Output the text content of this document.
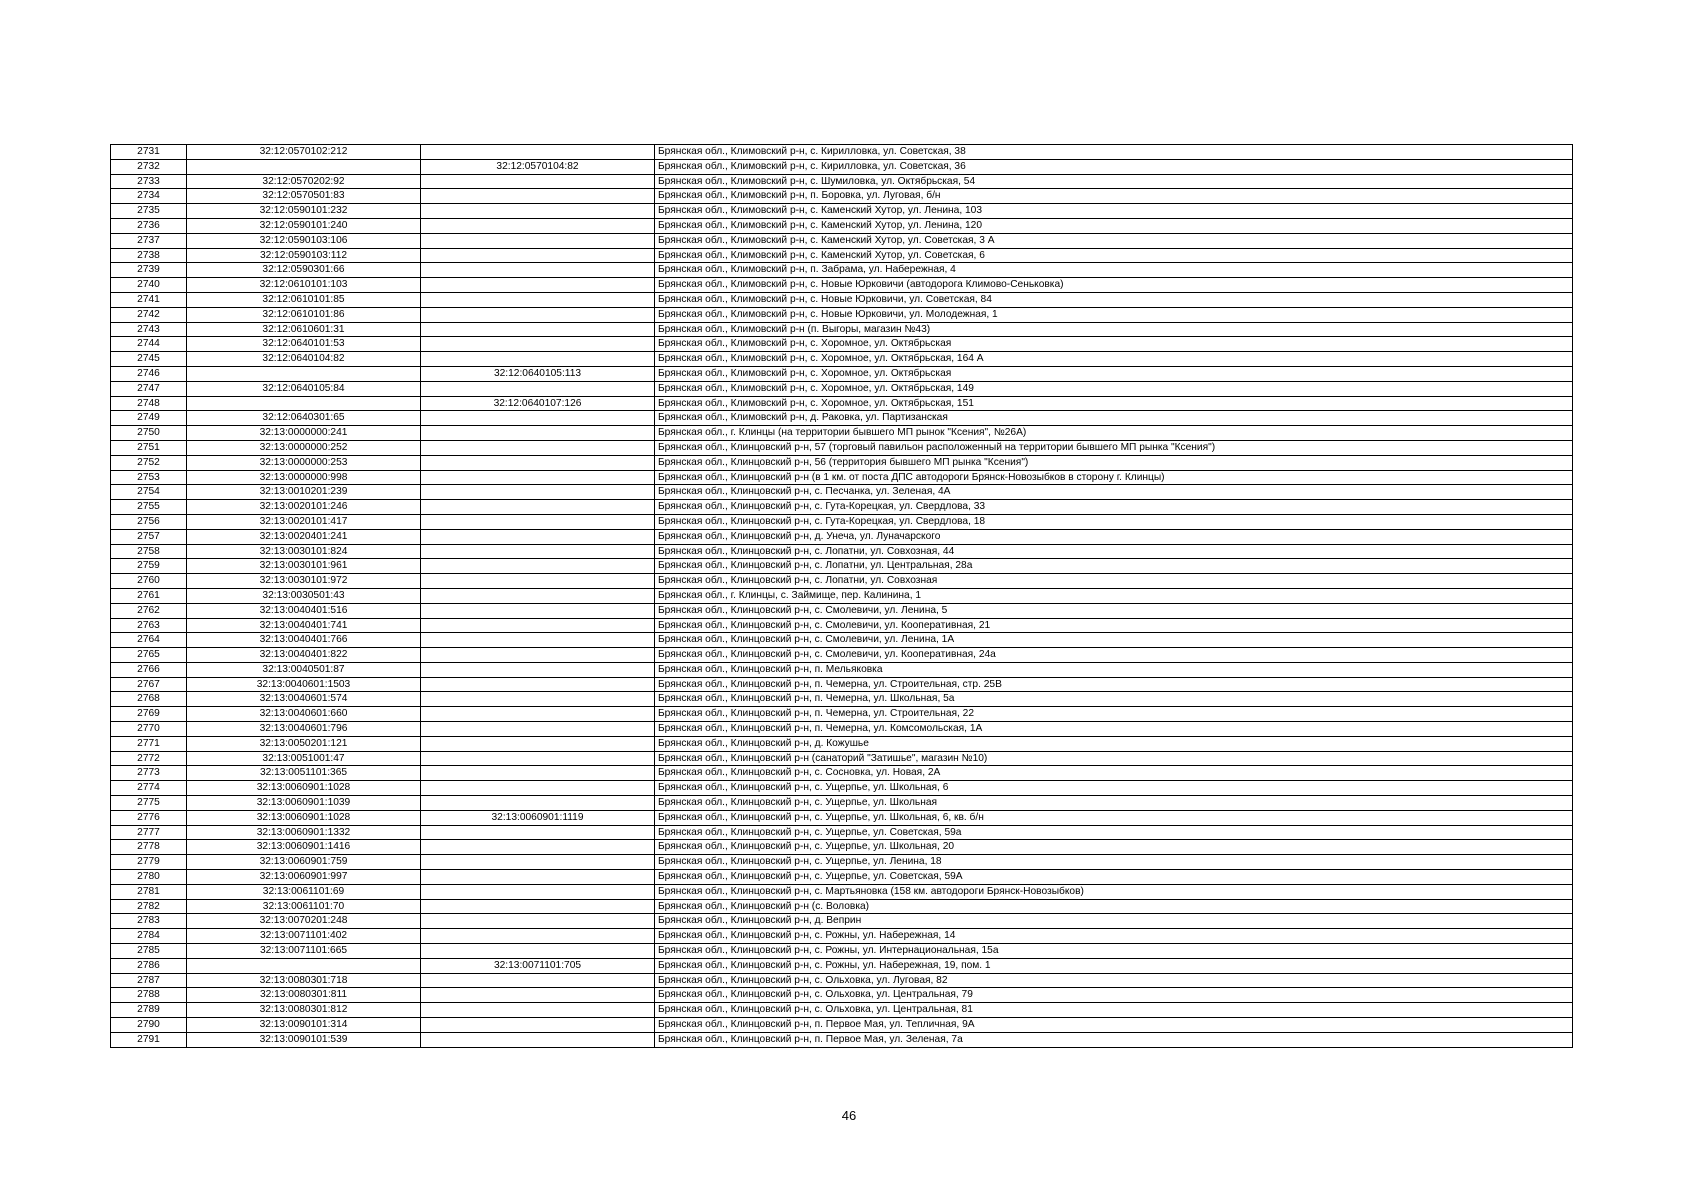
2731	32:12:0570102:212		Брянская обл., Климовский р-н, с. Кирилловка, ул. Советская, 38
2732		32:12:0570104:82	Брянская обл., Климовский р-н, с. Кирилловка, ул. Советская, 36
2733	32:12:0570202:92		Брянская обл., Климовский р-н, с. Шумиловка, ул. Октябрьская, 54
2734	32:12:0570501:83		Брянская обл., Климовский р-н, п. Боровка, ул. Луговая, б/н
2735	32:12:0590101:232		Брянская обл., Климовский р-н, с. Каменский Хутор, ул. Ленина, 103
2736	32:12:0590101:240		Брянская обл., Климовский р-н, с. Каменский Хутор, ул. Ленина, 120
2737	32:12:0590103:106		Брянская обл., Климовский р-н, с. Каменский Хутор, ул. Советская, 3 А
2738	32:12:0590103:112		Брянская обл., Климовский р-н, с. Каменский Хутор, ул. Советская, 6
2739	32:12:0590301:66		Брянская обл., Климовский р-н, п. Забрама, ул. Набережная, 4
2740	32:12:0610101:103		Брянская обл., Климовский р-н, с. Новые Юрковичи (автодорога Климово-Сеньковка)
2741	32:12:0610101:85		Брянская обл., Климовский р-н, с. Новые Юрковичи, ул. Советская, 84
2742	32:12:0610101:86		Брянская обл., Климовский р-н, с. Новые Юрковичи, ул. Молодежная, 1
2743	32:12:0610601:31		Брянская обл., Климовский р-н (п. Выгоры, магазин №43)
2744	32:12:0640101:53		Брянская обл., Климовский р-н, с. Хоромное, ул. Октябрьская
2745	32:12:0640104:82		Брянская обл., Климовский р-н, с. Хоромное, ул. Октябрьская, 164 А
2746		32:12:0640105:113	Брянская обл., Климовский р-н, с. Хоромное, ул. Октябрьская
2747	32:12:0640105:84		Брянская обл., Климовский р-н, с. Хоромное, ул. Октябрьская, 149
2748		32:12:0640107:126	Брянская обл., Климовский р-н, с. Хоромное, ул. Октябрьская, 151
2749	32:12:0640301:65		Брянская обл., Климовский р-н, д. Раковка, ул. Партизанская
2750	32:13:0000000:241		Брянская обл., г. Клинцы (на территории бывшего МП рынок "Ксения", №26А)
2751	32:13:0000000:252		Брянская обл., Клинцовский р-н, 57 (торговый павильон расположенный на территории бывшего МП рынка "Ксения")
2752	32:13:0000000:253		Брянская обл., Клинцовский р-н, 56 (территория бывшего МП рынка "Ксения")
2753	32:13:0000000:998		Брянская обл., Клинцовский р-н (в 1 км. от поста ДПС автодороги Брянск-Новозыбков в сторону г. Клинцы)
2754	32:13:0010201:239		Брянская обл., Клинцовский р-н, с. Песчанка, ул. Зеленая, 4А
2755	32:13:0020101:246		Брянская обл., Клинцовский р-н, с. Гута-Корецкая, ул. Свердлова, 33
2756	32:13:0020101:417		Брянская обл., Клинцовский р-н, с. Гута-Корецкая, ул. Свердлова, 18
2757	32:13:0020401:241		Брянская обл., Клинцовский р-н, д. Унеча, ул. Луначарского
2758	32:13:0030101:824		Брянская обл., Клинцовский р-н, с. Лопатни, ул. Совхозная, 44
2759	32:13:0030101:961		Брянская обл., Клинцовский р-н, с. Лопатни, ул. Центральная, 28а
2760	32:13:0030101:972		Брянская обл., Клинцовский р-н, с. Лопатни, ул. Совхозная
2761	32:13:0030501:43		Брянская обл., г. Клинцы, с. Займище, пер. Калинина, 1
2762	32:13:0040401:516		Брянская обл., Клинцовский р-н, с. Смолевичи, ул. Ленина, 5
2763	32:13:0040401:741		Брянская обл., Клинцовский р-н, с. Смолевичи, ул. Кооперативная, 21
2764	32:13:0040401:766		Брянская обл., Клинцовский р-н, с. Смолевичи, ул. Ленина, 1А
2765	32:13:0040401:822		Брянская обл., Клинцовский р-н, с. Смолевичи, ул. Кооперативная, 24а
2766	32:13:0040501:87		Брянская обл., Клинцовский р-н, п. Мельяковка
2767	32:13:0040601:1503		Брянская обл., Клинцовский р-н, п. Чемерна, ул. Строительная, стр. 25В
2768	32:13:0040601:574		Брянская обл., Клинцовский р-н, п. Чемерна, ул. Школьная, 5а
2769	32:13:0040601:660		Брянская обл., Клинцовский р-н, п. Чемерна, ул. Строительная, 22
2770	32:13:0040601:796		Брянская обл., Клинцовский р-н, п. Чемерна, ул. Комсомольская, 1А
2771	32:13:0050201:121		Брянская обл., Клинцовский р-н, д. Кожушье
2772	32:13:0051001:47		Брянская обл., Клинцовский р-н (санаторий "Затишье", магазин №10)
2773	32:13:0051101:365		Брянская обл., Клинцовский р-н, с. Сосновка, ул. Новая, 2А
2774	32:13:0060901:1028		Брянская обл., Клинцовский р-н, с. Ущерпье, ул. Школьная, 6
2775	32:13:0060901:1039		Брянская обл., Клинцовский р-н, с. Ущерпье, ул. Школьная
2776	32:13:0060901:1028	32:13:0060901:1119	Брянская обл., Клинцовский р-н, с. Ущерпье, ул. Школьная, 6, кв. б/н
2777	32:13:0060901:1332		Брянская обл., Клинцовский р-н, с. Ущерпье, ул. Советская, 59а
2778	32:13:0060901:1416		Брянская обл., Клинцовский р-н, с. Ущерпье, ул. Школьная, 20
2779	32:13:0060901:759		Брянская обл., Клинцовский р-н, с. Ущерпье, ул. Ленина, 18
2780	32:13:0060901:997		Брянская обл., Клинцовский р-н, с. Ущерпье, ул. Советская, 59А
2781	32:13:0061101:69		Брянская обл., Клинцовский р-н, с. Мартьяновка (158 км. автодороги Брянск-Новозыбков)
2782	32:13:0061101:70		Брянская обл., Клинцовский р-н (с. Воловка)
2783	32:13:0070201:248		Брянская обл., Клинцовский р-н, д. Веприн
2784	32:13:0071101:402		Брянская обл., Клинцовский р-н, с. Рожны, ул. Набережная, 14
2785	32:13:0071101:665		Брянская обл., Клинцовский р-н, с. Рожны, ул. Интернациональная, 15а
2786		32:13:0071101:705	Брянская обл., Клинцовский р-н, с. Рожны, ул. Набережная, 19, пом. 1
2787	32:13:0080301:718		Брянская обл., Клинцовский р-н, с. Ольховка, ул. Луговая, 82
2788	32:13:0080301:811		Брянская обл., Клинцовский р-н, с. Ольховка, ул. Центральная, 79
2789	32:13:0080301:812		Брянская обл., Клинцовский р-н, с. Ольховка, ул. Центральная, 81
2790	32:13:0090101:314		Брянская обл., Клинцовский р-н, п. Первое Мая, ул. Тепличная, 9А
2791	32:13:0090101:539		Брянская обл., Клинцовский р-н, п. Первое Мая, ул. Зеленая, 7а
46
